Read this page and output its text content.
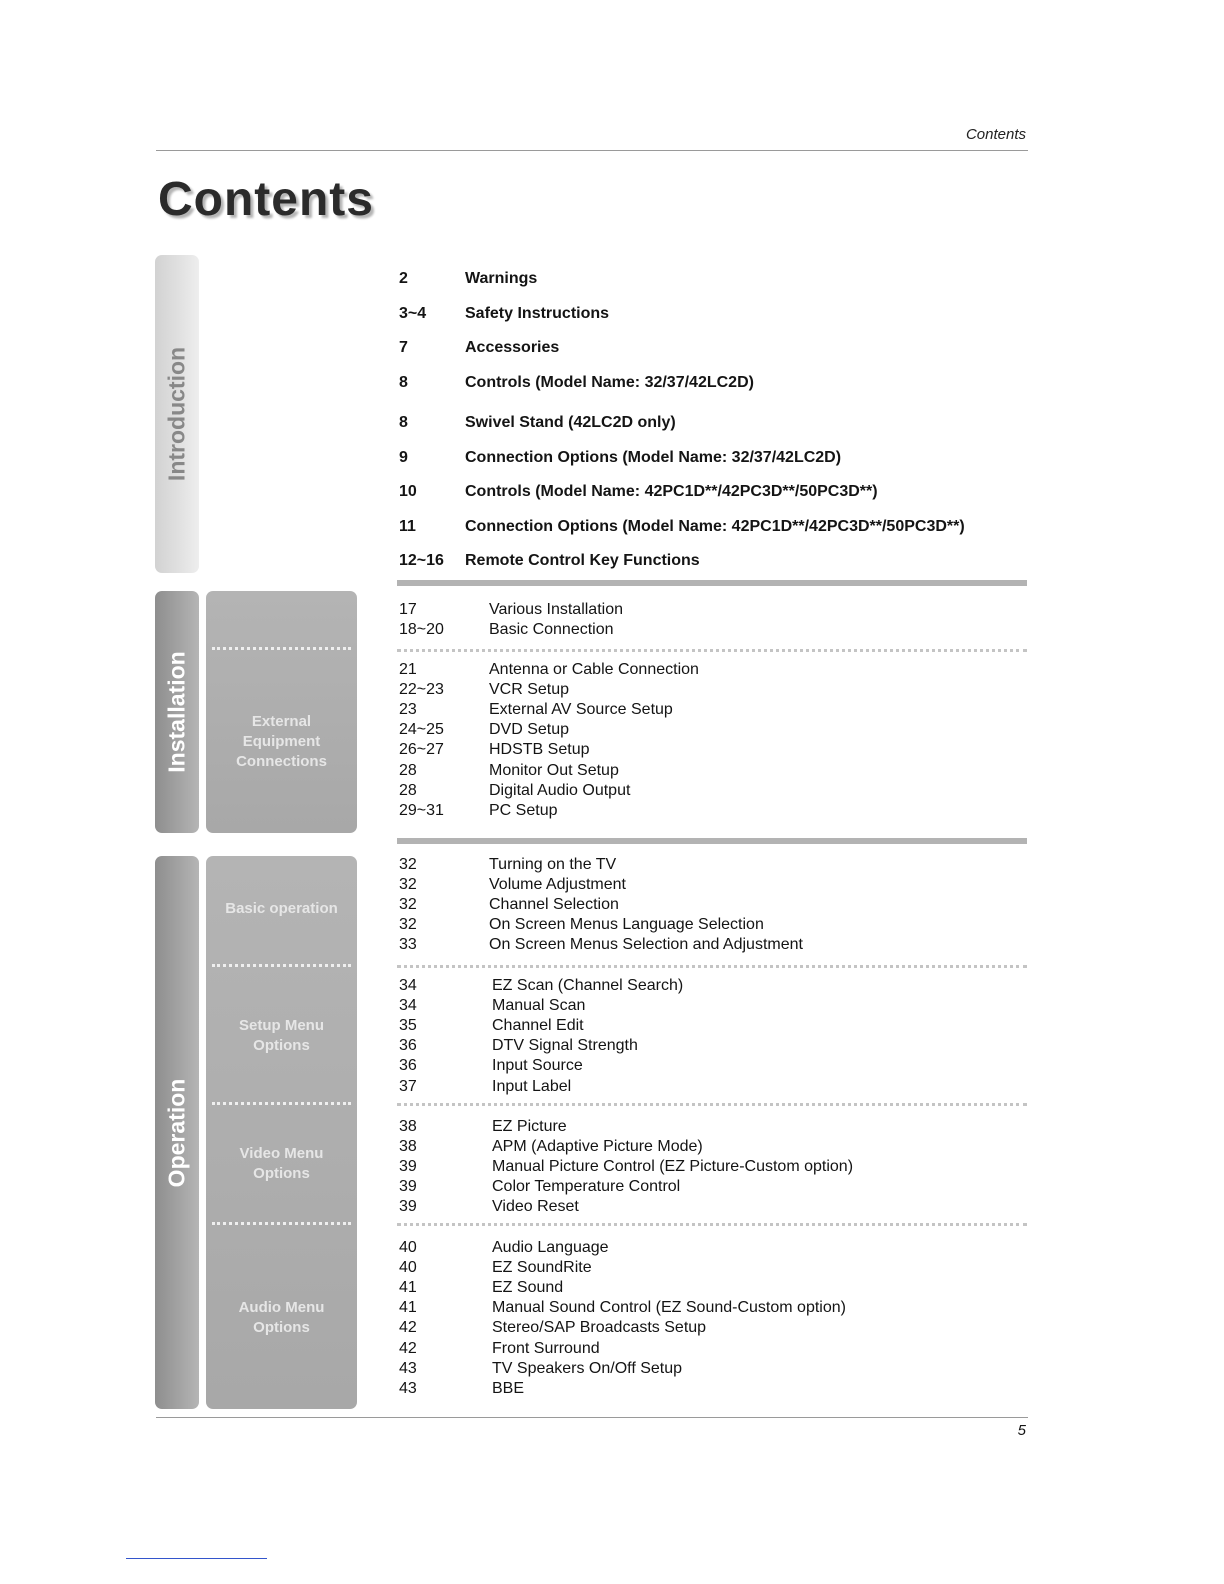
Contents
Contents
Introduction
Installation
Operation
External
Equipment
Connections
Basic operation
Setup Menu
Options
Video Menu
Options
Audio Menu
Options
2	Warnings
3~4 Safety Instructions
7	Accessories
8	Controls (Model Name: 32/37/42LC2D)
8	Swivel Stand (42LC2D only)
9	Connection Options (Model Name: 32/37/42LC2D)
10	Controls (Model Name: 42PC1D**/42PC3D**/50PC3D**)
11	Connection Options (Model Name: 42PC1D**/42PC3D**/50PC3D**)
12~16 Remote Control Key Functions
17	Various Installation
18~20	Basic Connection
21	Antenna or Cable Connection
22~23	VCR Setup
23	External AV Source Setup
24~25	DVD Setup
26~27	HDSTB Setup
28	Monitor Out Setup
28	Digital Audio Output
29~31	PC Setup
32	Turning on the TV
32	Volume Adjustment
32	Channel Selection
32	On Screen Menus Language Selection
33	On Screen Menus Selection and Adjustment
34	EZ Scan (Channel Search)
34	Manual Scan
35	Channel Edit
36	DTV Signal Strength
36	Input Source
37	Input Label
38	EZ Picture
38	APM (Adaptive Picture Mode)
39	Manual Picture Control (EZ Picture-Custom option)
39	Color Temperature Control
39	Video Reset
40	Audio Language
40	EZ SoundRite
41	EZ Sound
41	Manual Sound Control (EZ Sound-Custom option)
42	Stereo/SAP Broadcasts Setup
42	Front Surround
43	TV Speakers On/Off Setup
43	BBE
5
